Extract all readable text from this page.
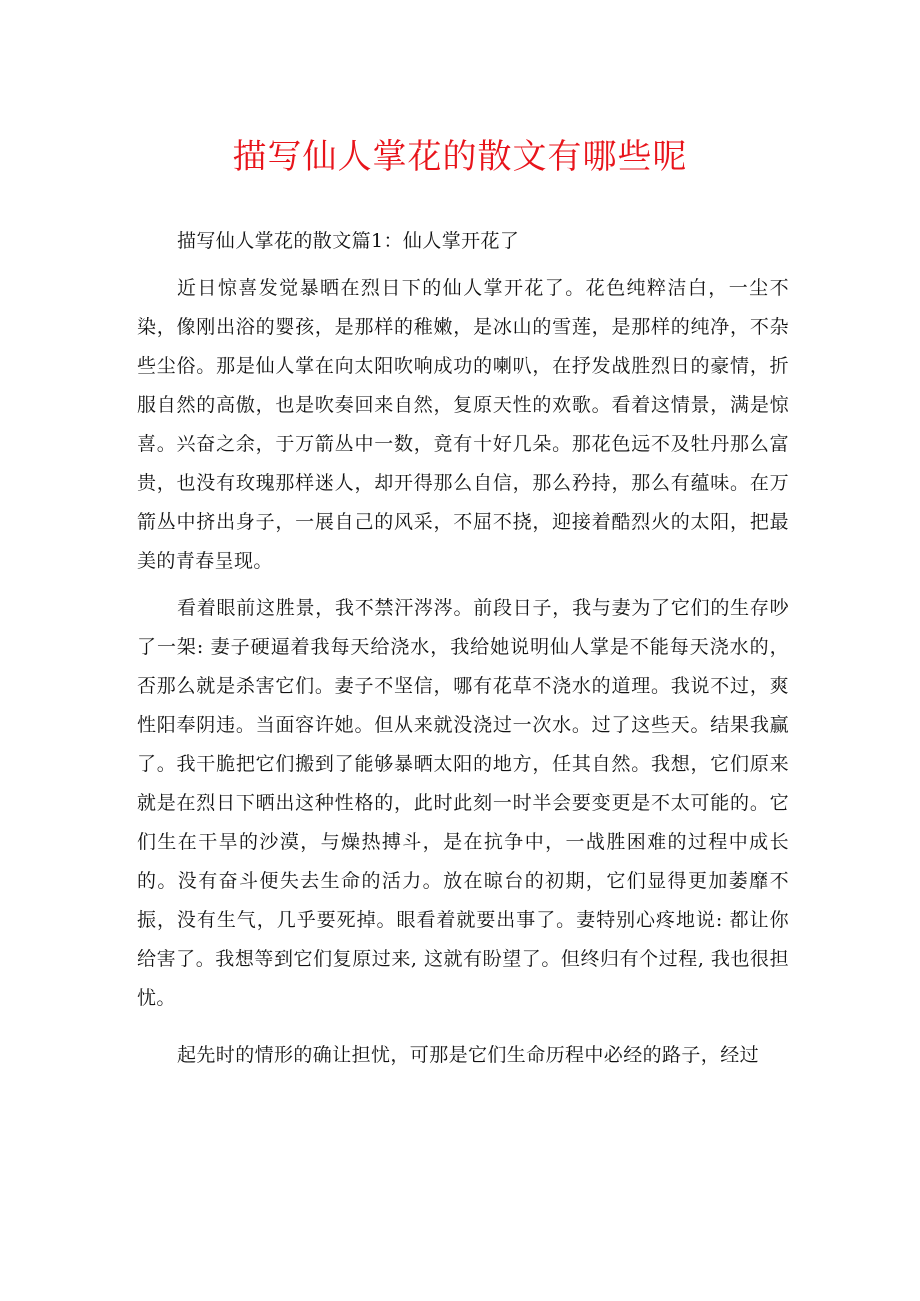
描写仙人掌花的散文有哪些呢

描写仙人掌花的散文篇1：仙人掌开花了

近日惊喜发觉暴晒在烈日下的仙人掌开花了。花色纯粹洁白，一尘不染，像刚出浴的婴孩，是那样的稚嫩，是冰山的雪莲，是那样的纯净，不杂些尘俗。那是仙人掌在向太阳吹响成功的喇叭，在抒发战胜烈日的豪情，折服自然的高傲，也是吹奏回来自然，复原天性的欢歌。看着这情景，满是惊喜。兴奋之余，于万箭丛中一数，竟有十好几朵。那花色远不及牡丹那么富贵，也没有玫瑰那样迷人，却开得那么自信，那么矜持，那么有蕴味。在万箭丛中挤出身子，一展自己的风采，不屈不挠，迎接着酷烈火的太阳，把最美的青春呈现。

看着眼前这胜景，我不禁汗涔涔。前段日子，我与妻为了它们的生存吵了一架: 妻子硬逼着我每天给浇水，我给她说明仙人掌是不能每天浇水的，否那么就是杀害它们。妻子不坚信，哪有花草不浇水的道理。我说不过，爽性阳奉阴违。当面容许她。但从来就没浇过一次水。过了这些天。结果我赢了。我干脆把它们搬到了能够暴晒太阳的地方，任其自然。我想，它们原来就是在烈日下晒出这种性格的，此时此刻一时半会要变更是不太可能的。它们生在干旱的沙漠，与燥热搏斗，是在抗争中，一战胜困难的过程中成长的。没有奋斗便失去生命的活力。放在晾台的初期，它们显得更加萎靡不振，没有生气，几乎要死掉。眼看着就要出事了。妻特别心疼地说: 都让你给害了。我想等到它们复原过来, 这就有盼望了。但终归有个过程, 我也很担忧。

起先时的情形的确让担忧，可那是它们生命历程中必经的路子，经过
